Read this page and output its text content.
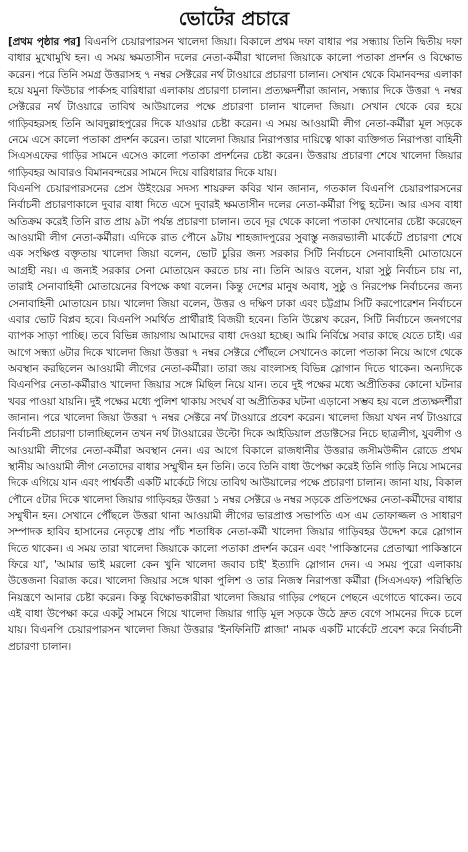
ভোটের প্রচারে

[প্রথম পৃষ্ঠার পর] বিএনপি চেয়ারপারসন খালেদা জিয়া। বিকালে প্রথম দফা বাধার পর সন্ধ্যায় তিনি দ্বিতীয় দফা বাধার মুখোমুখি হন। এ সময় ক্ষমতাসীন দলের নেতা-কর্মীরা খালেদা জিয়াকে কালো পতাকা প্রদর্শন ও বিক্ষোভ করেন। পরে তিনি সমগ্র উত্তরাসহ ৭ নম্বর সেক্টরের নর্থ টাওয়ারে প্রচারণা চালান। সেখান থেকে বিমানবন্দর এলাকা হয়ে যমুনা ফিউচার পার্কসহ বারিধারা এলাকায় প্রচারণা চালান। প্রত্যক্ষদর্শীরা জানান, সন্ধ্যার দিকে উত্তরা ৭ নম্বর সেক্টরের নর্থ টাওয়ারে তাবিথ আউয়ালের পক্ষে প্রচারণা চালান খালেদা জিয়া। সেখান থেকে বের হয়ে গাড়িবহরসহ তিনি আবদুল্লাহপুরের দিকে যাওয়ার চেষ্টা করেন। এ সময় আওয়ামী লীগ নেতা-কর্মীরা মূল সড়কে নেমে এসে কালো পতাকা প্রদর্শন করেন। তারা খালেদা জিয়ার নিরাপত্তার দায়িত্বে থাকা ব্যক্তিগত নিরাপত্তা বাহিনী সিএসএফের গাড়ির সামনে এসেও কালো পতাকা প্রদর্শনের চেষ্টা করেন। উত্তরায় প্রচারণা শেষে খালেদা জিয়ার গাড়িবহর আবারও বিমানবন্দরের সামনে দিয়ে বারিধারার দিকে যায়।

বিএনপি চেয়ারপারসনের প্রেস উইংয়ের সদস্য শায়রুল কবির খান জানান, গতকাল বিএনপি চেয়ারপারসনের নির্বাচনী প্রচারণাকালে দুবার বাধা দিতে এসে দুবারই ক্ষমতাসীন দলের নেতা-কর্মীরা পিছু হটেন। আর এসব বাধা অতিক্রম করেই তিনি রাত প্রায় ৯টা পর্যন্ত প্রচারণা চালান। তবে দূর থেকে কালো পতাকা দেখানোর চেষ্টা করেছেন আওয়ামী লীগ নেতা-কর্মীরা। এদিকে রাত পৌনে ৯টায় শাহজাদপুরের সুবাস্তু নজরভ্যালী মার্কেটে প্রচারণা শেষে এক সংক্ষিপ্ত বক্তৃতায় খালেদা জিয়া বলেন, ভোট চুরির জন্য সরকার সিটি নির্বাচনে সেনাবাহিনী মোতায়েনে আগ্রহী নয়। এ জন্যই সরকার সেনা মোতায়েন করতে চায় না। তিনি আরও বলেন, যারা সুষ্ঠু নির্বাচন চায় না, তারাই সেনাবাহিনী মোতায়েনের বিপক্ষে কথা বলেন। কিন্তু দেশের মানুষ অবাধ, সুষ্ঠু ও নিরপেক্ষ নির্বাচনের জন্য সেনাবাহিনী মোতায়েন চায়। খালেদা জিয়া বলেন, উত্তর ও দক্ষিণ ঢাকা এবং চট্টগ্রাম সিটি করপোরেশন নির্বাচনে এবার ভোট বিপ্লব হবে। বিএনপি সমর্থিত প্রার্থীরাই বিজয়ী হবেন। তিনি উল্লেখ করেন, সিটি নির্বাচনে জনগণের ব্যাপক সাড়া পাচ্ছি। তবে বিভিন্ন জায়গায় আমাদের বাধা দেওয়া হচ্ছে। আমি নির্বিঘ্নে সবার কাছে যেতে চাই। এর আগে সন্ধ্যা ৬টার দিকে খালেদা জিয়া উত্তরা ৭ নম্বর সেক্টরে পৌঁছলে সেখানেও কালো পতাকা নিয়ে আগে থেকে অবস্থান করছিলেন আওয়ামী লীগের নেতা-কর্মীরা। তারা জয় বাংলাসহ বিভিন্ন স্লোগান দিতে থাকেন। অন্যদিকে বিএনপির নেতা-কর্মীরাও খালেদা জিয়ার সঙ্গে মিছিল নিয়ে যান। তবে দুই পক্ষের মধ্যে অপ্রীতিকর কোনো ঘটনার খবর পাওয়া যায়নি। দুই পক্ষের মধ্যে পুলিশ থাকায় সংঘর্ষ বা অপ্রীতিকর ঘটনা এড়ানো সম্ভব হয় বলে প্রত্যক্ষদর্শীরা জানান। পরে খালেদা জিয়া উত্তরা ৭ নম্বর সেক্টরে নর্থ টাওয়ারে প্রবেশ করেন। খালেদা জিয়া যখন নর্থ টাওয়ারে নির্বাচনী প্রচারণা চালাচ্ছিলেন তখন নর্থ টাওয়ারের উল্টো দিকে আইডিয়াল প্রডাক্টসের নিচে ছাত্রলীগ, যুবলীগ ও আওয়ামী লীগের নেতা-কর্মীরা অবস্থান নেন। এর আগে বিকালে রাজধানীর উত্তরার জসীমউদ্দীন রোডে প্রথম স্থানীয় আওয়ামী লীগ নেতাদের বাধার সম্মুখীন হন তিনি। তবে তিনি বাধা উপেক্ষা করেই তিনি গাড়ি নিয়ে সামনের দিকে এগিয়ে যান এবং পার্শ্ববর্তী একটি মার্কেটে গিয়ে তাবিথ আউয়ালের পক্ষে প্রচারণা চালান। জানা যায়, বিকাল পৌনে ৫টার দিকে খালেদা জিয়ার গাড়িবহর উত্তরা ১ নম্বর সেক্টরে ৬ নম্বর সড়কে প্রতিপক্ষের নেতা-কর্মীদের বাধার সম্মুখীন হন। সেখানে পৌঁছলে উত্তরা থানা আওয়ামী লীগের ভারপ্রাপ্ত সভাপতি এস এম তোফাজ্জল ও সাধারণ সম্পাদক হাবিব হাসানের নেতৃত্বে প্রায় পাঁচ শতাধিক নেতা-কর্মী খালেদা জিয়ার গাড়িবহর উদ্দেশ করে স্লোগান দিতে থাকেন। এ সময় তারা খালেদা জিয়াকে কালো পতাকা প্রদর্শন করেন এবং 'পাকিস্তানের প্রেতাত্মা পাকিস্তানে ফিরে যা', 'আমার ভাই মরলো কেন খুনি খালেদা জবাব চাই' ইত্যাদি স্লোগান দেন। এ সময় পুরো এলাকায় উত্তেজনা বিরাজ করে। খালেদা জিয়ার সঙ্গে থাকা পুলিশ ও তার নিজস্ব নিরাপত্তা কর্মীরা (সিএসএফ) পরিস্থিতি নিয়ন্ত্রণে আনার চেষ্টা করেন। কিন্তু বিক্ষোভকারীরা খালেদা জিয়ার গাড়ির পেছনে পেছনে এগোতে থাকেন। তবে এই বাধা উপেক্ষা করে একটু সামনে গিয়ে খালেদা জিয়ার গাড়ি মূল সড়কে উঠে দ্রুত বেগে সামনের দিকে চলে যায়। বিএনপি চেয়ারপারসন খালেদা জিয়া উত্তরার 'ইনফিনিটি প্লাজা' নামক একটি মার্কেটে প্রবেশ করে নির্বাচনী প্রচারণা চালান।
